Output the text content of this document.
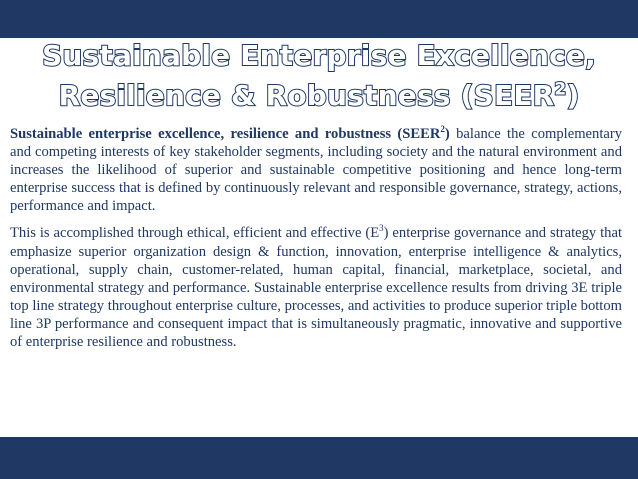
Sustainable Enterprise Excellence,
Resilience & Robustness (SEER$^2$)

Sustainable enterprise excellence, resilience and robustness (SEER$^2$) balance the complementary and competing interests of key stakeholder segments, including society and the natural environment and increases the likelihood of superior and sustainable competitive positioning and hence long-term enterprise success that is defined by continuously relevant and responsible governance, strategy, actions, performance and impact.

This is accomplished through ethical, efficient and effective $(E^3)$ enterprise governance and strategy that emphasize superior organization design & function, innovation, enterprise intelligence & analytics, operational, supply chain, customer-related, human capital, financial, marketplace, societal, and environmental strategy and performance. Sustainable enterprise excellence results from driving 3E triple top line strategy throughout enterprise culture, processes, and activities to produce superior triple bottom line 3P performance and consequent impact that is simultaneously pragmatic, innovative and supportive of enterprise resilience and robustness.
